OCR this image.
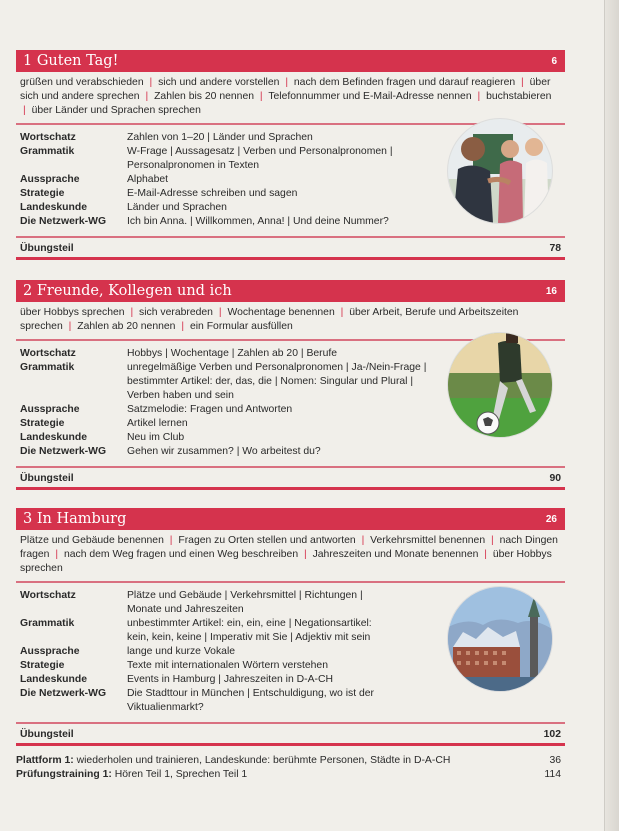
1 Guten Tag!	6
grüßen und verabschieden | sich und andere vorstellen | nach dem Befinden fragen und darauf reagieren | über sich und andere sprechen | Zahlen bis 20 nennen | Telefonnummer und E-Mail-Adresse nennen | buchstabieren | über Länder und Sprachen sprechen
Wortschatz	Zahlen von 1–20 | Länder und Sprachen
Grammatik	W-Frage | Aussagesatz | Verben und Personalpronomen |
Personalpronomen in Texten
Aussprache	Alphabet
Strategie	E-Mail-Adresse schreiben und sagen
Landeskunde	Länder und Sprachen
Die Netzwerk-WG	Ich bin Anna. | Willkommen, Anna! | Und deine Nummer?
Übungsteil	78
2 Freunde, Kollegen und ich	16
über Hobbys sprechen | sich verabreden | Wochentage benennen | über Arbeit, Berufe und Arbeitszeiten sprechen | Zahlen ab 20 nennen | ein Formular ausfüllen
Wortschatz	Hobbys | Wochentage | Zahlen ab 20 | Berufe
Grammatik	unregelmäßige Verben und Personalpronomen | Ja-/Nein-Frage |
bestimmter Artikel: der, das, die | Nomen: Singular und Plural |
Verben haben und sein
Aussprache	Satzmelodie: Fragen und Antworten
Strategie	Artikel lernen
Landeskunde	Neu im Club
Die Netzwerk-WG	Gehen wir zusammen? | Wo arbeitest du?
Übungsteil	90
3 In Hamburg	26
Plätze und Gebäude benennen | Fragen zu Orten stellen und antworten | Verkehrsmittel benennen | nach Dingen fragen | nach dem Weg fragen und einen Weg beschreiben | Jahreszeiten und Monate benennen | über Hobbys sprechen
Wortschatz	Plätze und Gebäude | Verkehrsmittel | Richtungen |
Monate und Jahreszeiten
Grammatik	unbestimmter Artikel: ein, ein, eine | Negationsartikel:
kein, kein, keine | Imperativ mit Sie | Adjektiv mit sein
Aussprache	lange und kurze Vokale
Strategie	Texte mit internationalen Wörtern verstehen
Landeskunde	Events in Hamburg | Jahreszeiten in D-A-CH
Die Netzwerk-WG	Die Stadttour in München | Entschuldigung, wo ist der Viktualienmarkt?
Übungsteil	102
Plattform 1: wiederholen und trainieren, Landeskunde: berühmte Personen, Städte in D-A-CH	36
Prüfungstraining 1: Hören Teil 1, Sprechen Teil 1	114
